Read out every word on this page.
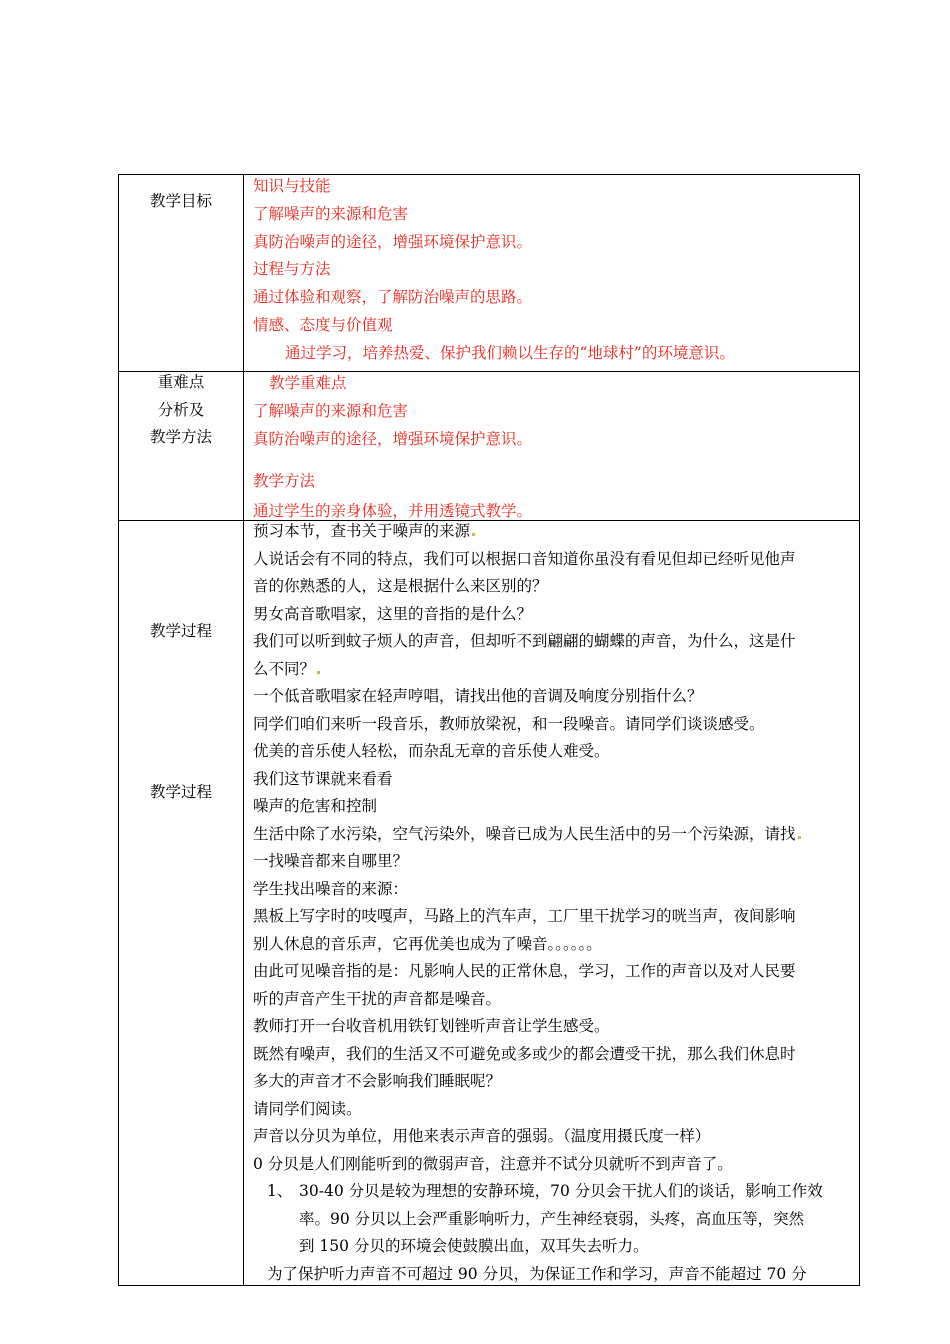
教学目标
知识与技能
了解噪声的来源和危害
真防治噪声的途径，增强环境保护意识。
过程与方法
通过体验和观察，了解防治噪声的思路。
情感、态度与价值观
通过学习，培养热爱、保护我们赖以生存的“地球村”的环境意识。
重难点
分析及
教学方法
教学重难点
了解噪声的来源和危害
真防治噪声的途径，增强环境保护意识。
教学方法
通过学生的亲身体验，并用透镜式教学。
教学过程
教学过程
预习本节，查书关于噪声的来源
人说话会有不同的特点，我们可以根据口音知道你虽没有看见但却已经听见他声
音的你熟悉的人，这是根据什么来区别的？
男女高音歌唱家，这里的音指的是什么？
我们可以听到蚊子烦人的声音，但却听不到翩翩的蝴蝶的声音，为什么，这是什
么不同？
一个低音歌唱家在轻声哼唱，请找出他的音调及响度分别指什么？
同学们咱们来听一段音乐，教师放梁祝，和一段噪音。请同学们谈谈感受。
优美的音乐使人轻松，而杂乱无章的音乐使人难受。
我们这节课就来看看
噪声的危害和控制
生活中除了水污染，空气污染外，噪音已成为人民生活中的另一个污染源，请找
一找噪音都来自哪里？
学生找出噪音的来源：
黑板上写字时的吱嘎声，马路上的汽车声，工厂里干扰学习的咣当声，夜间影响
别人休息的音乐声，它再优美也成为了噪音。。。。。。
由此可见噪音指的是：凡影响人民的正常休息，学习，工作的声音以及对人民要
听的声音产生干扰的声音都是噪音。
教师打开一台收音机用铁钉划锉听声音让学生感受。
既然有噪声，我们的生活又不可避免或多或少的都会遭受干扰，那么我们休息时
多大的声音才不会影响我们睡眠呢？
请同学们阅读。
声音以分贝为单位，用他来表示声音的强弱。（温度用摄氏度一样）
0 分贝是人们刚能听到的微弱声音，注意并不试分贝就听不到声音了。
1、 30-40 分贝是较为理想的安静环境，70 分贝会干扰人们的谈话，影响工作效
率。90 分贝以上会严重影响听力，产生神经衰弱，头疼，高血压等，突然
到 150 分贝的环境会使鼓膜出血，双耳失去听力。
为了保护听力声音不可超过 90 分贝，为保证工作和学习，声音不能超过 70 分
